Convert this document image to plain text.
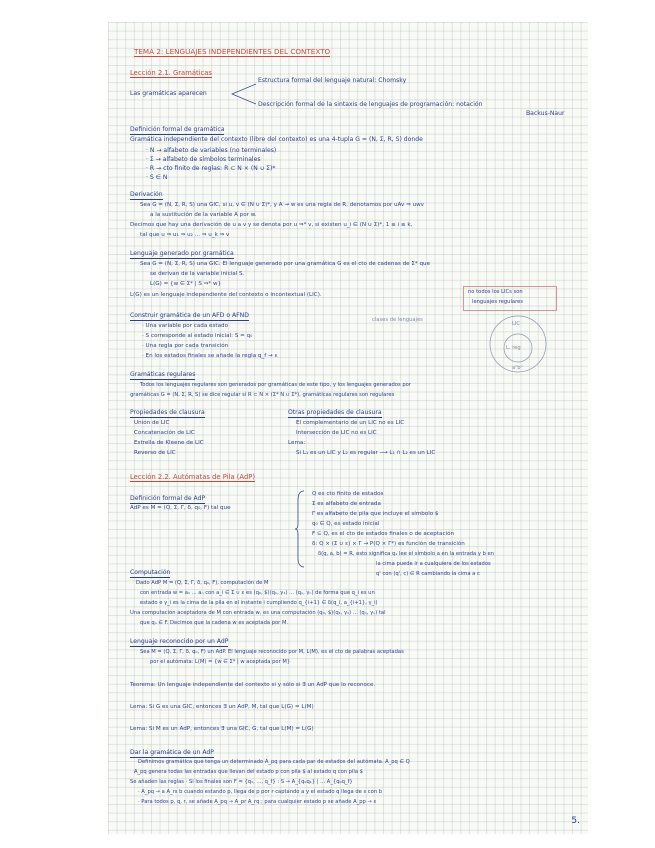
TEMA 2: LENGUAJES INDEPENDIENTES DEL CONTEXTO
Lección 2.1. Gramáticas
Las gramáticas aparecen
Estructura formal del lenguaje natural: Chomsky
Descripción formal de la sintaxis de lenguajes de programación: notación
Backus-Naur
Definición formal de gramática
Gramática independiente del contexto (libre del contexto) es una 4-tupla G = (N, Σ, R, S) donde
· N → alfabeto de variables (no terminales)
· Σ → alfabeto de símbolos terminales
· R → cto finito de reglas: R ⊂ N × (N ∪ Σ)*
· S ∈ N
Derivación
Sea G = (N, Σ, R, S) una GIC, si u, v ∈ (N ∪ Σ)*, y A → w es una regla de R, denotamos por uAv ⇒ uwv
a la sustitución de la variable A por w.
Decimos que hay una derivación de u a v y se denota por u ⇒* v, si existen u_i ∈ (N ∪ Σ)*, 1 ≤ i ≤ k,
tal que u ⇒ u₁ ⇒ u₂ ... ⇒ u_k ⇒ v
Lenguaje generado por gramática
Sea G = (N, Σ, R, S) una GIC. El lenguaje generado por una gramática G es el cto de cadenas de Σ* que
se derivan de la variable inicial S.
L(G) = {w ∈ Σ* | S ⇒* w}
L(G) es un lenguaje independiente del contexto o incontextual (LIC).	no todos los LICs son
lenguajes regulares
Construir gramática de un AFD o AFND
· Una variable por cada estado
· S corresponde al estado inicial: S = q₀
· Una regla por cada transición
· En los estados finales se añade la regla q_f → ε
clases de lenguajes
LIC
L. reg
aⁿbⁿ
Gramáticas regulares
Todos los lenguajes regulares son generados por gramáticas de este tipo, y los lenguajes generados por
gramáticas G = (N, Σ, R, S) se dice regular si R ⊂ N × (Σ* N ∪ Σ*), gramáticas regulares son regulares
Propiedades de clausura
Unión de LIC
Concatenación de LIC
Estrella de Kleene de LIC
Reverso de LIC
Otras propiedades de clausura
El complementario de un LIC no es LIC
Intersección de LIC no es LIC
Lema:
Si L₁ es un LIC y L₂ es regular ⟶ L₁ ∩ L₂ es un LIC
Lección 2.2. Autómatas de Pila (AdP)
Definición formal de AdP
AdP es M = (Q, Σ, Γ, δ, q₀, F) tal que
Q es cto finito de estados
Σ es alfabeto de entrada
Γ es alfabeto de pila que incluye el símbolo $
q₀ ∈ Q, es estado inicial
F ⊆ Q, es el cto de estados finales o de aceptación
δ: Q × (Σ ∪ ε) × Γ → P(Q × Γ*) es función de transición
δ(q, a, b) = R, esto significa q₁ lee el símbolo a en la entrada y b en
la cima puede ir a cualquiera de los estados
q' con (q', c) ∈ R cambiando la cima a c
Computación
Dado AdP M = (Q, Σ, Γ, δ, q₀, F), computación de M
con entrada w = a₁ ... aₙ con a_i ∈ Σ ∪ ε es (q₀, $)(q₁, γ₁) ... (qₙ, γₙ) de forma que q_i es un
estado e γ_i es la cima de la pila en el instante i cumpliendo q_{i+1} ∈ δ(q_i, a_{i+1}, γ_i)
Una computación aceptadora de M con entrada w, es una computación (q₀, $)(q₁, γ₁) ... (qₙ, γₙ) tal
que qₙ ∈ F. Decimos que la cadena w es aceptada por M.
Lenguaje reconocido por un AdP
Sea M = (Q, Σ, Γ, δ, q₀, F) un AdP. El lenguaje reconocido por M, L(M), es el cto de palabras aceptadas
por el autómata: L(M) = {w ∈ Σ* | w aceptada por M}
Teorema: Un lenguaje independiente del contexto si y sólo si ∃ un AdP que lo reconoce.
Lema: Si G es una GIC, entonces ∃ un AdP, M, tal que L(G) = L(M)
Lema: Si M es un AdP, entonces ∃ una GIC, G, tal que L(M) = L(G)
Dar la gramática de un AdP
Definimos gramática que tenga un determinado A_pq para cada par de estados del autómata. A_pq ∈ Q
A_pq genera todas las entradas que llevan del estado p con pila $ al estado q con pila $
Se añaden las reglas · Si los finales son F = {q₁, ..., q_f} : S → A_{q₀q₁} | ... A_{q₀q_f}
· A_pq → a A_rs b cuando estando p, llega de p por r captando a y el estado q llega de s con b
· Para todos p, q, r, se añade A_pq → A_pr A_rq ; para cualquier estado p se añade A_pp → ε
5.
